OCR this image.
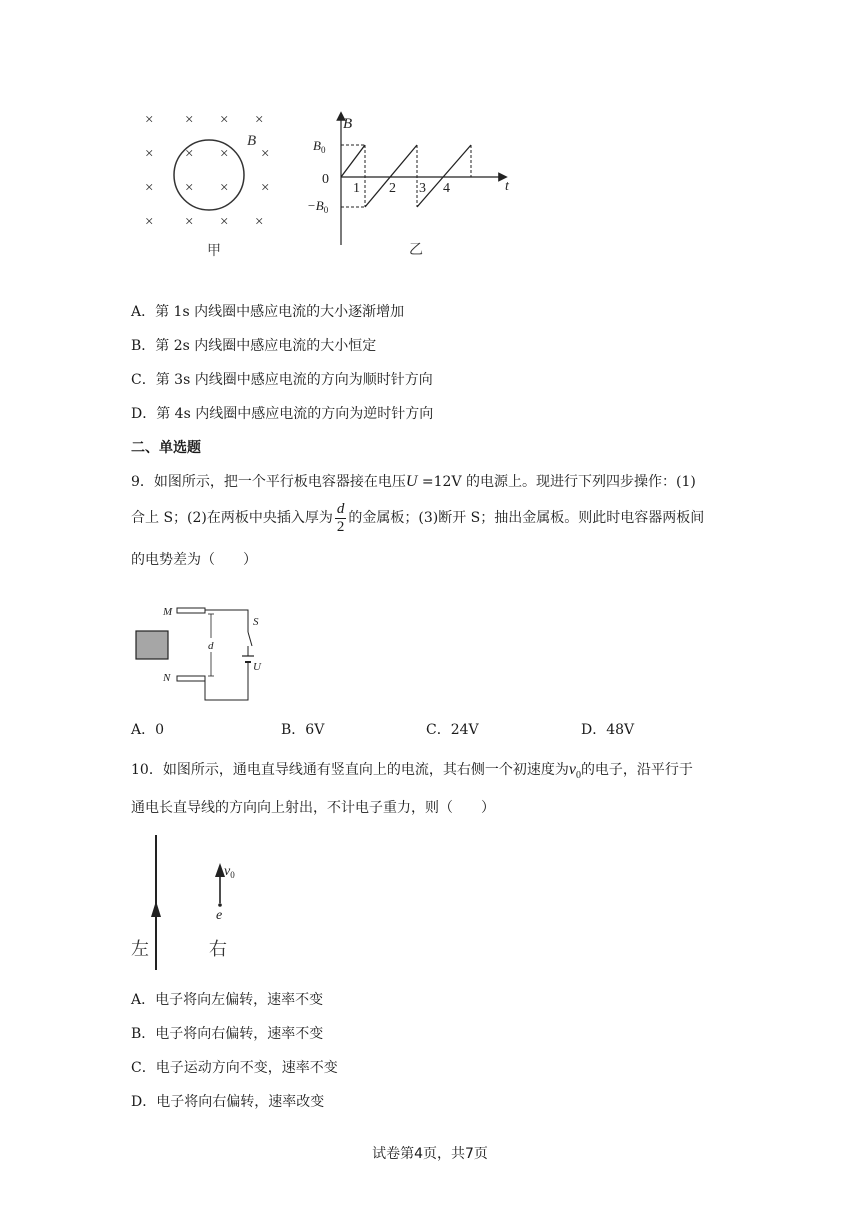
× × × ×
× × × ×
× × × ×
× × × ×
B
甲
B
t
0
$B_0$
$-B_0$
1 2 3 4
乙
A．第 1s 内线圈中感应电流的大小逐渐增加
B．第 2s 内线圈中感应电流的大小恒定
C．第 3s 内线圈中感应电流的方向为顺时针方向
D．第 4s 内线圈中感应电流的方向为逆时针方向
二、单选题
9．如图所示，把一个平行板电容器接在电压U =12V 的电源上。现进行下列四步操作：(1)
合上 S；(2)在两板中央插入厚为 $\frac{d}{2}$ 的金属板；(3)断开 S；抽出金属板。则此时电容器两板间
的电势差为（　　）
M
N
S
U
d
A．0	B．6V	C．24V	D．48V
10．如图所示，通电直导线通有竖直向上的电流，其右侧一个初速度为$v_0$的电子，沿平行于
通电长直导线的方向向上射出，不计电子重力，则（　　）
$v_0$
e
左	右
A．电子将向左偏转，速率不变
B．电子将向右偏转，速率不变
C．电子运动方向不变，速率不变
D．电子将向右偏转，速率改变
试卷第4页，共7页
